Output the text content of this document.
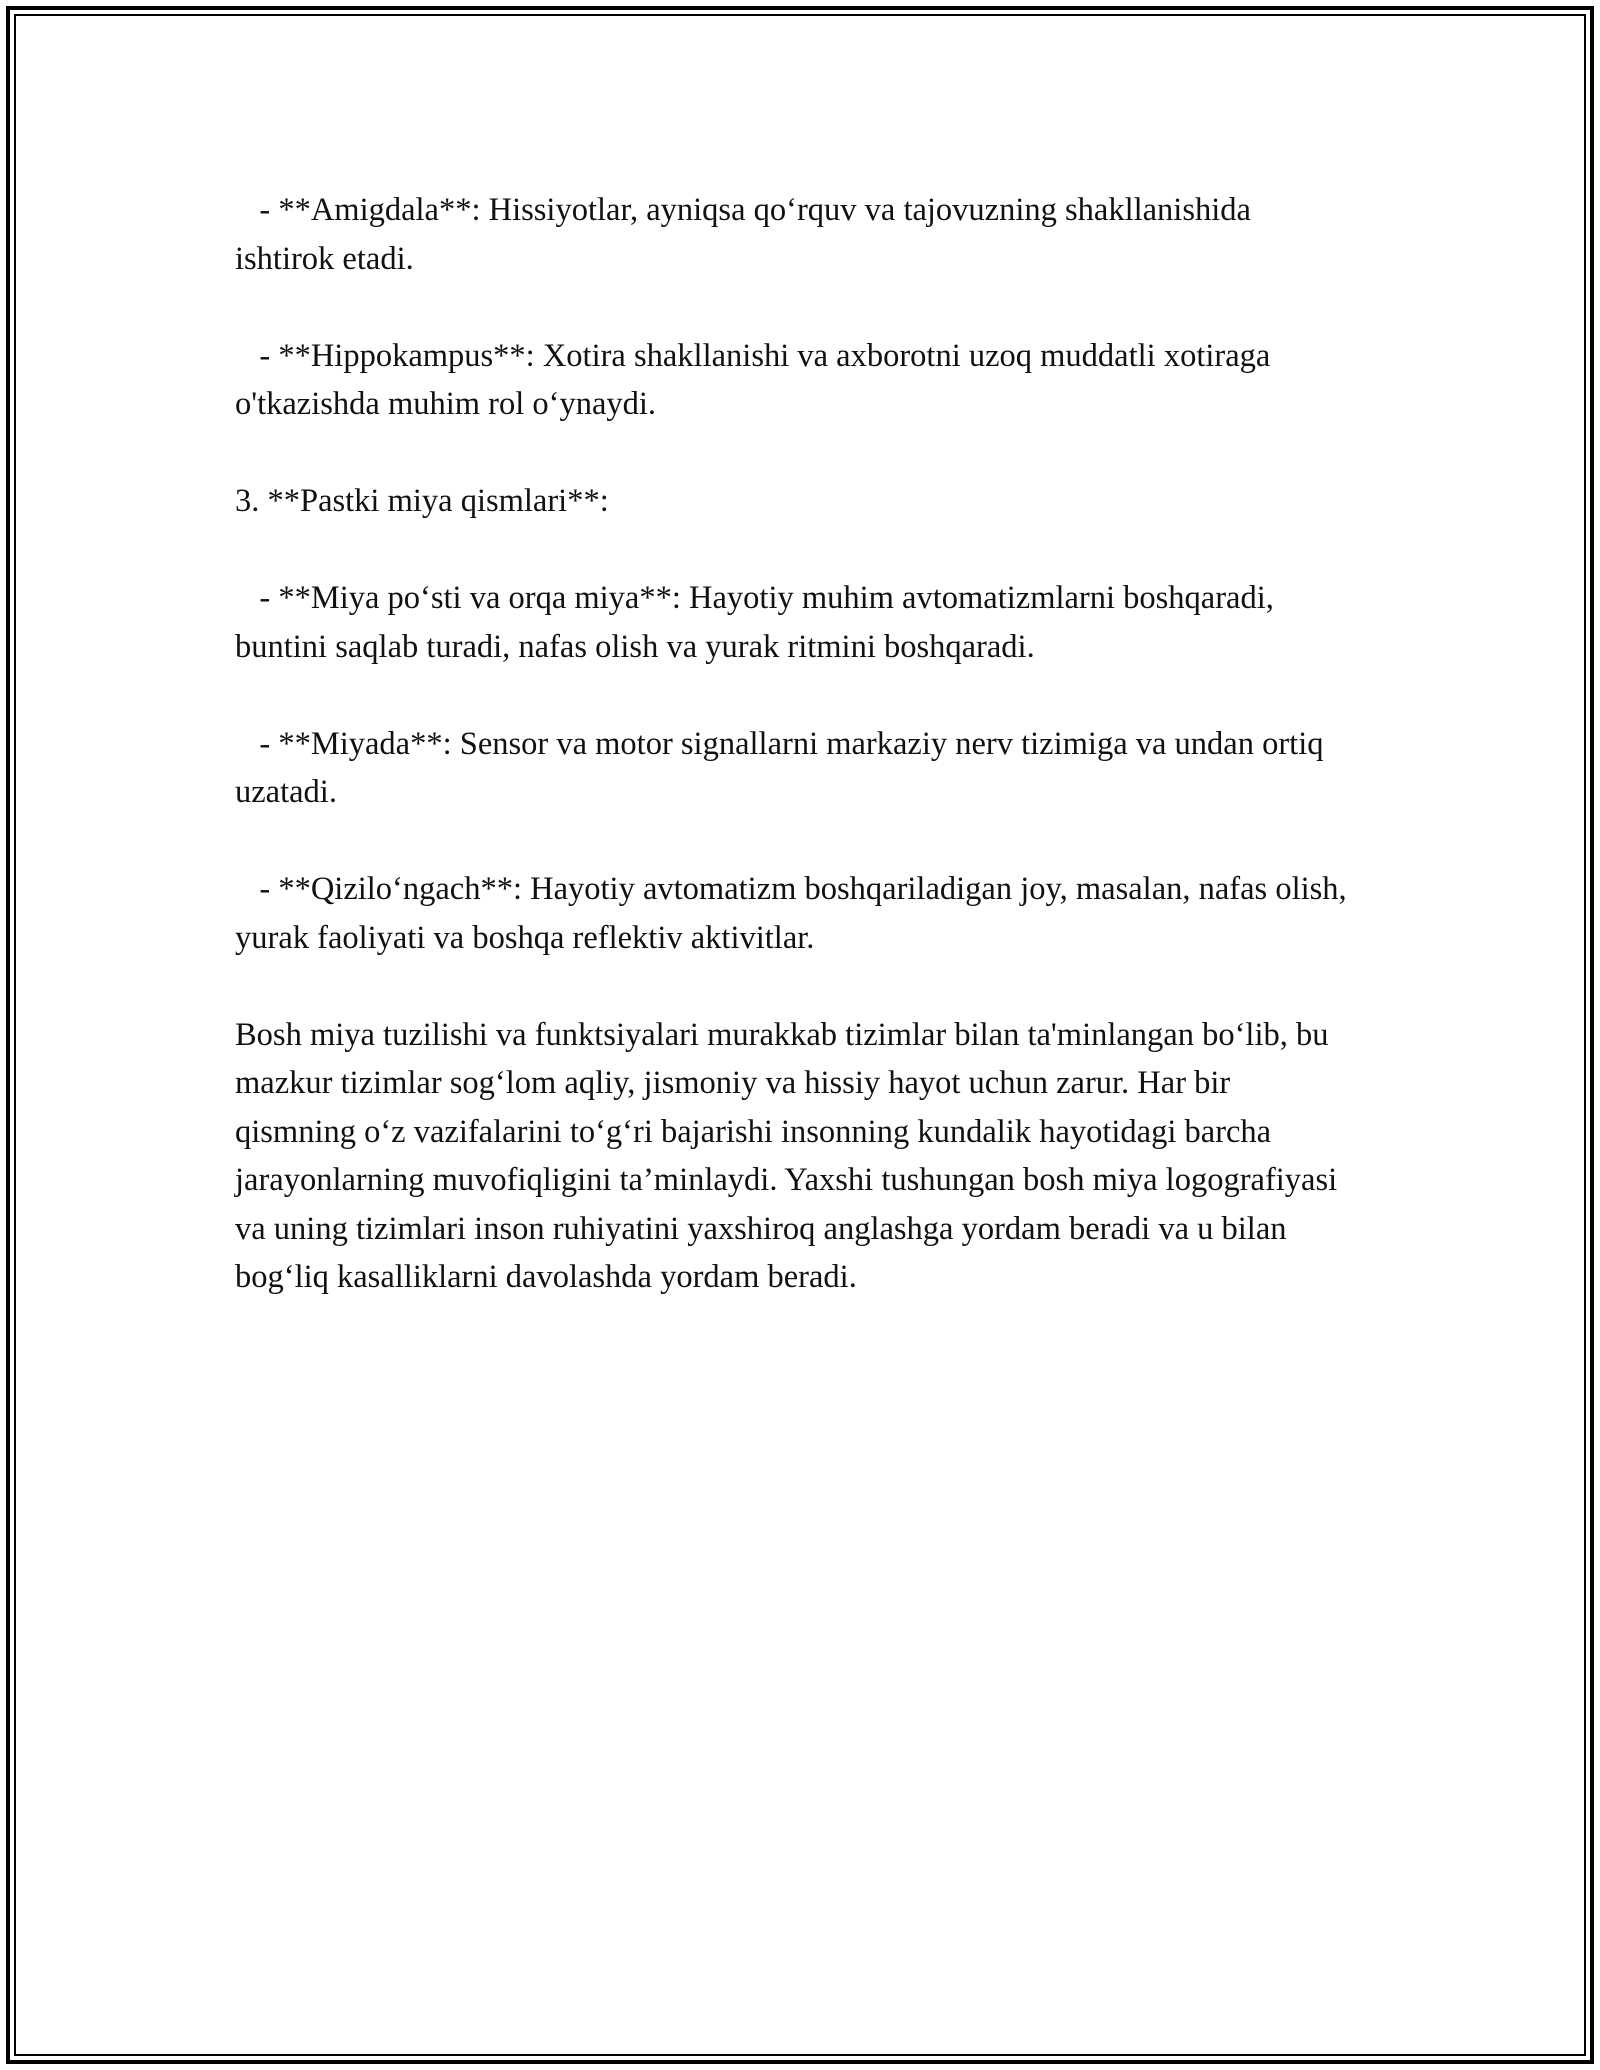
- **Amigdala**: Hissiyotlar, ayniqsa qo‘rquv va tajovuzning shakllanishida ishtirok etadi.

- **Hippokampus**: Xotira shakllanishi va axborotni uzoq muddatli xotiraga o'tkazishda muhim rol o‘ynaydi.

3. **Pastki miya qismlari**:

- **Miya po‘sti va orqa miya**: Hayotiy muhim avtomatizmlarni boshqaradi, buntini saqlab turadi, nafas olish va yurak ritmini boshqaradi.

- **Miyada**: Sensor va motor signallarni markaziy nerv tizimiga va undan ortiq uzatadi.

- **Qizilo‘ngach**: Hayotiy avtomatizm boshqariladigan joy, masalan, nafas olish, yurak faoliyati va boshqa reflektiv aktivitlar.

Bosh miya tuzilishi va funktsiyalari murakkab tizimlar bilan ta'minlangan bo‘lib, bu mazkur tizimlar sog‘lom aqliy, jismoniy va hissiy hayot uchun zarur. Har bir qismning o‘z vazifalarini to‘g‘ri bajarishi insonning kundalik hayotidagi barcha jarayonlarning muvofiqligini ta’minlaydi. Yaxshi tushungan bosh miya logografiyasi va uning tizimlari inson ruhiyatini yaxshiroq anglashga yordam beradi va u bilan bog‘liq kasalliklarni davolashda yordam beradi.
